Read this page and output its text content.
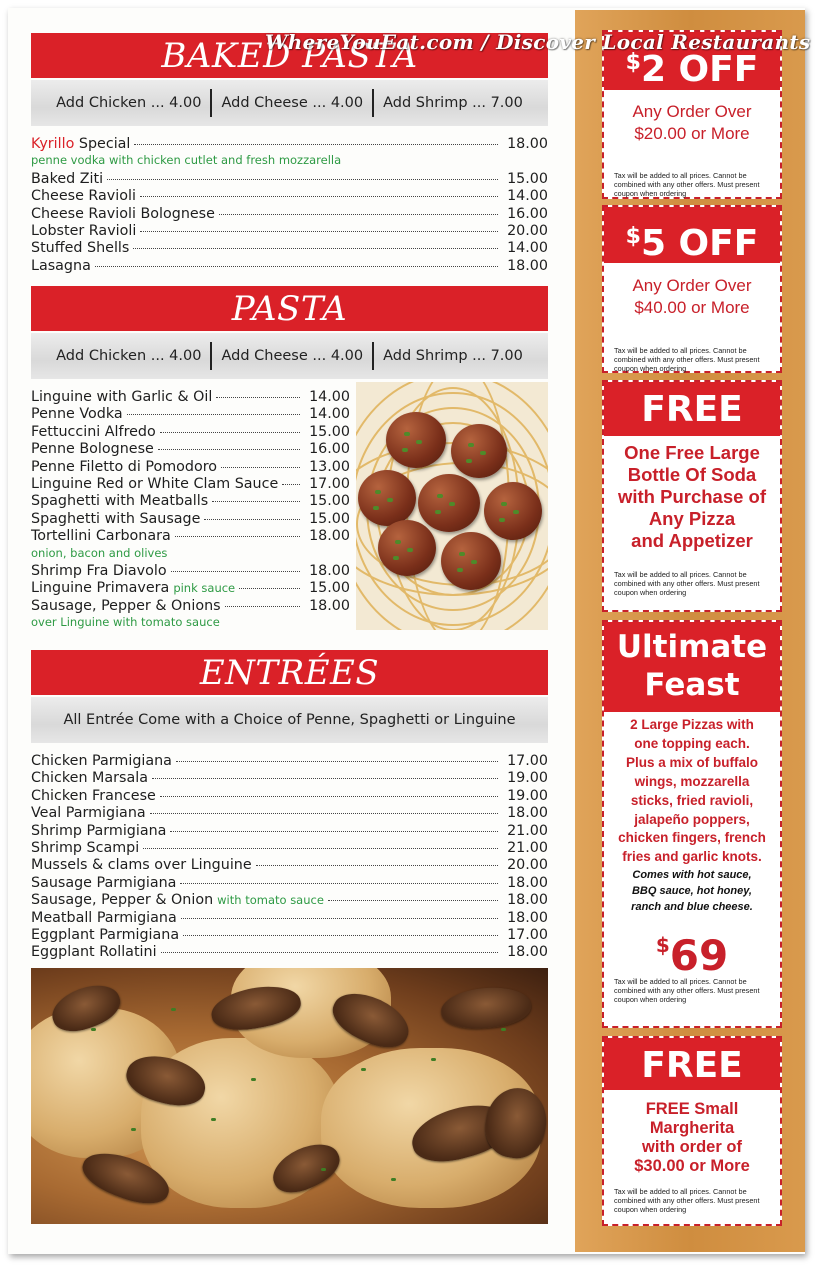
WhereYouEat.com / Discover Local Restaurants
BAKED PASTA
Add Chicken ... 4.00 Add Cheese ... 4.00 Add Shrimp ... 7.00
Kyrillo Special	18.00
penne vodka with chicken cutlet and fresh mozzarella
Baked Ziti	15.00
Cheese Ravioli	14.00
Cheese Ravioli Bolognese	16.00
Lobster Ravioli	20.00
Stuffed Shells	14.00
Lasagna	18.00
PASTA
Add Chicken ... 4.00 Add Cheese ... 4.00 Add Shrimp ... 7.00
Linguine with Garlic & Oil	14.00
Penne Vodka	14.00
Fettuccini Alfredo	15.00
Penne Bolognese	16.00
Penne Filetto di Pomodoro	13.00
Linguine Red or White Clam Sauce	17.00
Spaghetti with Meatballs	15.00
Spaghetti with Sausage	15.00
Tortellini Carbonara	18.00
onion, bacon and olives
Shrimp Fra Diavolo	18.00
Linguine Primavera pink sauce	15.00
Sausage, Pepper & Onions	18.00
over Linguine with tomato sauce
ENTRÉES
All Entrée Come with a Choice of Penne, Spaghetti or Linguine
Chicken Parmigiana	17.00
Chicken Marsala	19.00
Chicken Francese	19.00
Veal Parmigiana	18.00
Shrimp Parmigiana	21.00
Shrimp Scampi	21.00
Mussels & clams over Linguine	20.00
Sausage Parmigiana	18.00
Sausage, Pepper & Onion with tomato sauce	18.00
Meatball Parmigiana	18.00
Eggplant Parmigiana	17.00
Eggplant Rollatini	18.00
$2 OFF
Any Order Over
$20.00 or More
Tax will be added to all prices. Cannot be combined with any other offers. Must present coupon when ordering
$5 OFF
Any Order Over
$40.00 or More
Tax will be added to all prices. Cannot be combined with any other offers. Must present coupon when ordering
FREE
One Free Large
Bottle Of Soda
with Purchase of
Any Pizza
and Appetizer
Tax will be added to all prices. Cannot be combined with any other offers. Must present coupon when ordering
Ultimate
Feast
2 Large Pizzas with
one topping each.
Plus a mix of buffalo
wings, mozzarella
sticks, fried ravioli,
jalapeño poppers,
chicken fingers, french
fries and garlic knots.
Comes with hot sauce,
BBQ sauce, hot honey,
ranch and blue cheese.
$69
Tax will be added to all prices. Cannot be combined with any other offers. Must present coupon when ordering
FREE
FREE Small
Margherita
with order of
$30.00 or More
Tax will be added to all prices. Cannot be combined with any other offers. Must present coupon when ordering
